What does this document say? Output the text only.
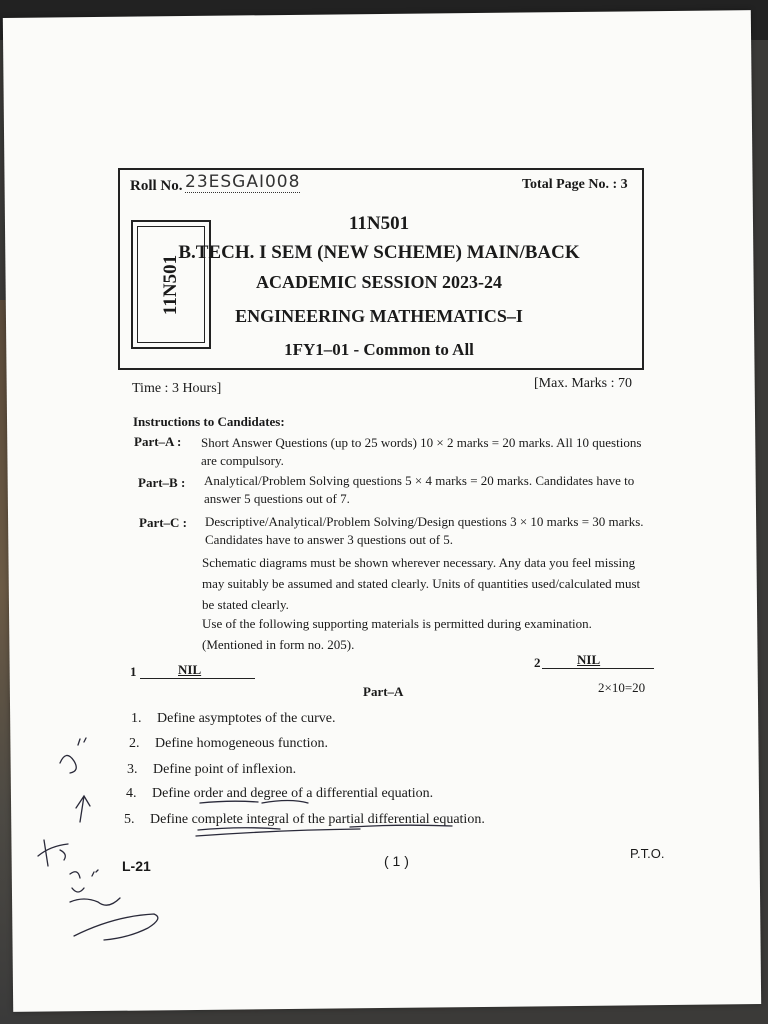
11N501
Roll No. 23ESGAI008	Total Page No. : 3
11N501
B.TECH. I SEM (NEW SCHEME) MAIN/BACK
ACADEMIC SESSION 2023-24
ENGINEERING MATHEMATICS–I
1FY1–01 - Common to All
Time : 3 Hours]	[Max. Marks : 70
Instructions to Candidates:
Part–A : Short Answer Questions (up to 25 words) 10 × 2 marks = 20 marks. All 10 questions are compulsory.
Part–B : Analytical/Problem Solving questions 5 × 4 marks = 20 marks. Candidates have to answer 5 questions out of 7.
Part–C : Descriptive/Analytical/Problem Solving/Design questions 3 × 10 marks = 30 marks. Candidates have to answer 3 questions out of 5.
Schematic diagrams must be shown wherever necessary. Any data you feel missing may suitably be assumed and stated clearly. Units of quantities used/calculated must be stated clearly.
Use of the following supporting materials is permitted during examination. (Mentioned in form no. 205).
1	NIL	2	NIL
Part–A	2×10=20
1. Define asymptotes of the curve.
2. Define homogeneous function.
3. Define point of inflexion.
4. Define order and degree of a differential equation.
5. Define complete integral of the partial differential equation.
L-21	( 1 )	P.T.O.
